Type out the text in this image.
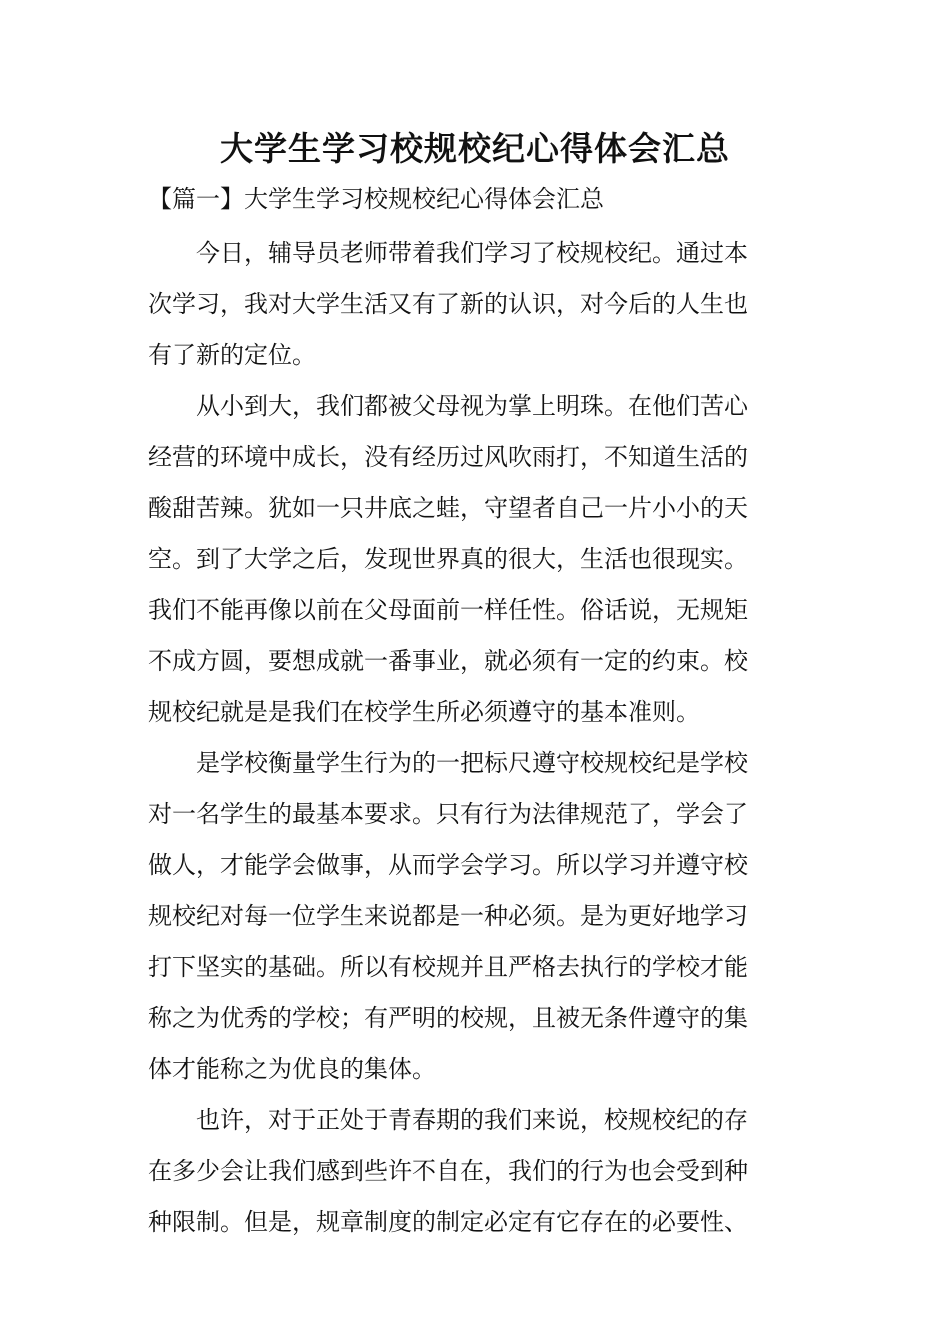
大学生学习校规校纪心得体会汇总

【篇一】大学生学习校规校纪心得体会汇总

今日，辅导员老师带着我们学习了校规校纪。通过本
次学习，我对大学生活又有了新的认识，对今后的人生也
有了新的定位。

从小到大，我们都被父母视为掌上明珠。在他们苦心
经营的环境中成长，没有经历过风吹雨打，不知道生活的
酸甜苦辣。犹如一只井底之蛙，守望者自己一片小小的天
空。到了大学之后，发现世界真的很大，生活也很现实。
我们不能再像以前在父母面前一样任性。俗话说，无规矩
不成方圆，要想成就一番事业，就必须有一定的约束。校
规校纪就是是我们在校学生所必须遵守的基本准则。

是学校衡量学生行为的一把标尺遵守校规校纪是学校
对一名学生的最基本要求。只有行为法律规范了，学会了
做人，才能学会做事，从而学会学习。所以学习并遵守校
规校纪对每一位学生来说都是一种必须。是为更好地学习
打下坚实的基础。所以有校规并且严格去执行的学校才能
称之为优秀的学校；有严明的校规，且被无条件遵守的集
体才能称之为优良的集体。

也许，对于正处于青春期的我们来说，校规校纪的存
在多少会让我们感到些许不自在，我们的行为也会受到种
种限制。但是，规章制度的制定必定有它存在的必要性、
